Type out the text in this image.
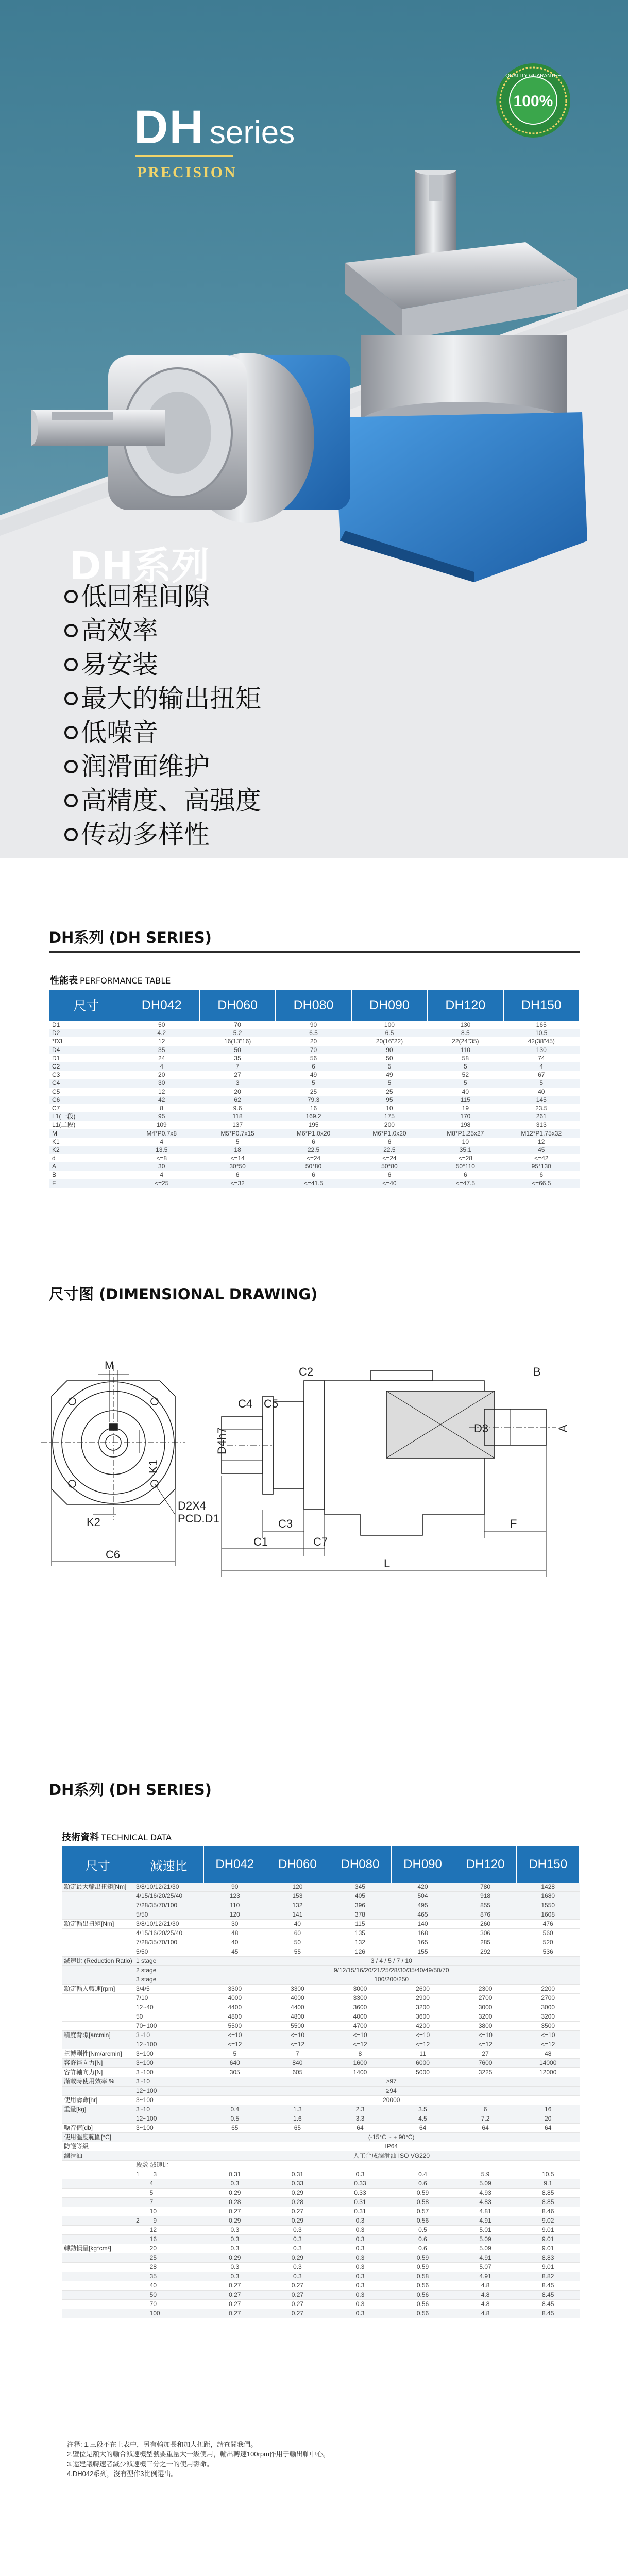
DH series
PRECISION
100%
QUALITY GUARANTEE
DH系列
低回程间隙
高效率
易安装
最大的输出扭矩
低噪音
润滑面维护
高精度、高强度
传动多样性
DH系列 (DH SERIES)
性能表 PERFORMANCE TABLE
尺寸	DH042	DH060	DH080	DH090	DH120	DH150
D1	50	70	90	100	130	165
D2	4.2	5.2	6.5	6.5	8.5	10.5
*D3	12	16(13"16)	20	20(16"22)	22(24"35)	42(38"45)
D4	35	50	70	90	110	130
D1	24	35	56	50	58	74
C2	4	7	6	5	5	4
C3	20	27	49	49	52	67
C4	30	3	5	5	5	5
C5	12	20	25	25	40	40
C6	42	62	79.3	95	115	145
C7	8	9.6	16	10	19	23.5
L1(一段)	95	118	169.2	175	170	261
L1(二段)	109	137	195	200	198	313
M	M4*P0.7x8	M5*P0.7x15	M6*P1.0x20	M6*P1.0x20	M8*P1.25x27	M12*P1.75x32
K1	4	5	6	6	10	12
K2	13.5	18	22.5	22.5	35.1	45
d	<=8	<=14	<=24	<=24	<=28	<=42
A	30	30°50	50°80	50°80	50°110	95°130
B	4	6	6	6	6	6
F	<=25	<=32	<=41.5	<=40	<=47.5	<=66.5
尺寸图 (DIMENSIONAL DRAWING)
M
K1
K2
C6
D2X4
PCD.D1
C2
C4 C5
D4h7
B
D3	A
C3
C1	C7
F
L
DH系列 (DH SERIES)
技術資料 TECHNICAL DATA
尺寸	減速比	DH042	DH060	DH080	DH090	DH120	DH150
額定最大輸出扭矩[Nm]	3/8/10/12/21/30	90	120	345	420	780	1428
	4/15/16/20/25/40	123	153	405	504	918	1680
	7/28/35/70/100	110	132	396	495	855	1550
	5/50	120	141	378	465	876	1608
額定輸出扭矩[Nm]	3/8/10/12/21/30	30	40	115	140	260	476
	4/15/16/20/25/40	48	60	135	168	306	560
	7/28/35/70/100	40	50	132	165	285	520
	5/50	45	55	126	155	292	536
減速比 (Reduction Ratio)	1 stage	3 / 4 / 5 / 7 / 10					
	2 stage	9/12/15/16/20/21/25/28/30/35/40/49/50/70					
	3 stage	100/200/250					
額定輸入轉速[rpm]	3/4/5	3300	3300	3000	2600	2300	2200
	7/10	4000	4000	3300	2900	2700	2700
	12~40	4400	4400	3600	3200	3000	3000
	50	4800	4800	4000	3600	3200	3200
	70~100	5500	5500	4700	4200	3800	3500
精度背隙[arcmin]	3~10	<=10	<=10	<=10	<=10	<=10	<=10
	12~100	<=12	<=12	<=12	<=12	<=12	<=12
扭轉剛性[Nm/arcmin]	3~100	5	7	8	11	27	48
容許徑向力[N]	3~100	640	840	1600	6000	7600	14000
容許軸向力[N]	3~100	305	605	1400	5000	3225	12000
滿載時使用效率 %	3~10	≥97					
	12~100	≥94					
使用壽命[hr]	3~100	20000					
重量[kg]	3~10	0.4	1.3	2.3	3.5	6	16
	12~100	0.5	1.6	3.3	4.5	7.2	20
噪音值[db]	3~100	65	65	64	64	64	64
使用溫度範圍[°C]		(-15°C ~ + 90°C)					
防護等級		IP64					
潤滑油		人工合成潤滑油 ISO VG220					
	段數 減速比						
	1        3	0.31	0.31	0.3	0.4	5.9	10.5
	4	0.3	0.33	0.33	0.6	5.09	9.1
	5	0.29	0.29	0.33	0.59	4.93	8.85
	7	0.28	0.28	0.31	0.58	4.83	8.85
	10	0.27	0.27	0.31	0.57	4.81	8.46
	2        9	0.29	0.29	0.3	0.56	4.91	9.02
	12	0.3	0.3	0.3	0.5	5.01	9.01
	16	0.3	0.3	0.3	0.6	5.09	9.01
轉動慣量[kg*cm²]	20	0.3	0.3	0.3	0.6	5.09	9.01
	25	0.29	0.29	0.3	0.59	4.91	8.83
	28	0.3	0.3	0.3	0.59	5.07	9.01
	35	0.3	0.3	0.3	0.58	4.91	8.82
	40	0.27	0.27	0.3	0.56	4.8	8.45
	50	0.27	0.27	0.3	0.56	4.8	8.45
	70	0.27	0.27	0.3	0.56	4.8	8.45
	100	0.27	0.27	0.3	0.56	4.8	8.45
注释: 1.三段不在上表中，另有輸加長和加大扭距，請查閱我們。
2.壁位是額大的輸合減速機型號要重量大一級使用，輸出轉速100rpm作用于輸出軸中心。
3.還建議轉速者減少減速機三分之一的使用壽命。
4.DH042系列，沒有型作3比例選出。
